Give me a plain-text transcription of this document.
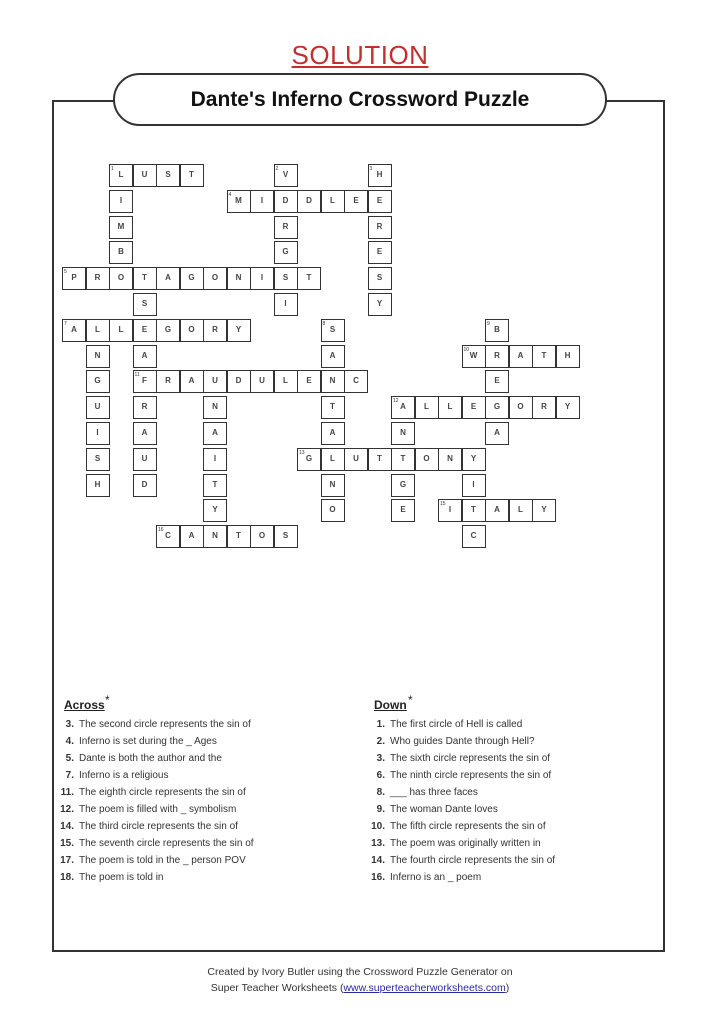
SOLUTION
Dante's Inferno Crossword Puzzle
1
L	U	S	T
2
V
3
H
I
4
M	I	D	D	L	E	E
M	R	R
B	G	E
5
P	R	O	T	A	G	O	N	I	S	T	S
S	I	Y
7
A	L	L	E	G	O	R	Y
8
S
9
B
N	A	A
10
W	R	A	T	H
G
11
F	R	A	U	D	U	L	E	N	C	E
U	R	N	T
12
A	L	L	E	G	O	R	Y
I	A	A	A	N	A
S	U	I
13
G	L	U	T	T	O	N	Y
H	D	T	N	G	I
Y	O	E
15
I	T	A	L	Y
16
C	A	N	T	O	S	C
Across *
3. The second circle represents the sin of
4. Inferno is set during the _ Ages
5. Dante is both the author and the
7. Inferno is a religious
11. The eighth circle represents the sin of
12. The poem is filled with _ symbolism
14. The third circle represents the sin of
15. The seventh circle represents the sin of
17. The poem is told in the _ person POV
18. The poem is told in
Down *
1. The first circle of Hell is called
2. Who guides Dante through Hell?
3. The sixth circle represents the sin of
6. The ninth circle represents the sin of
8. ___ has three faces
9. The woman Dante loves
10. The fifth circle represents the sin of
13. The poem was originally written in
14. The fourth circle represents the sin of
16. Inferno is an _ poem
Created by Ivory Butler using the Crossword Puzzle Generator on
Super Teacher Worksheets (www.superteacherworksheets.com)
